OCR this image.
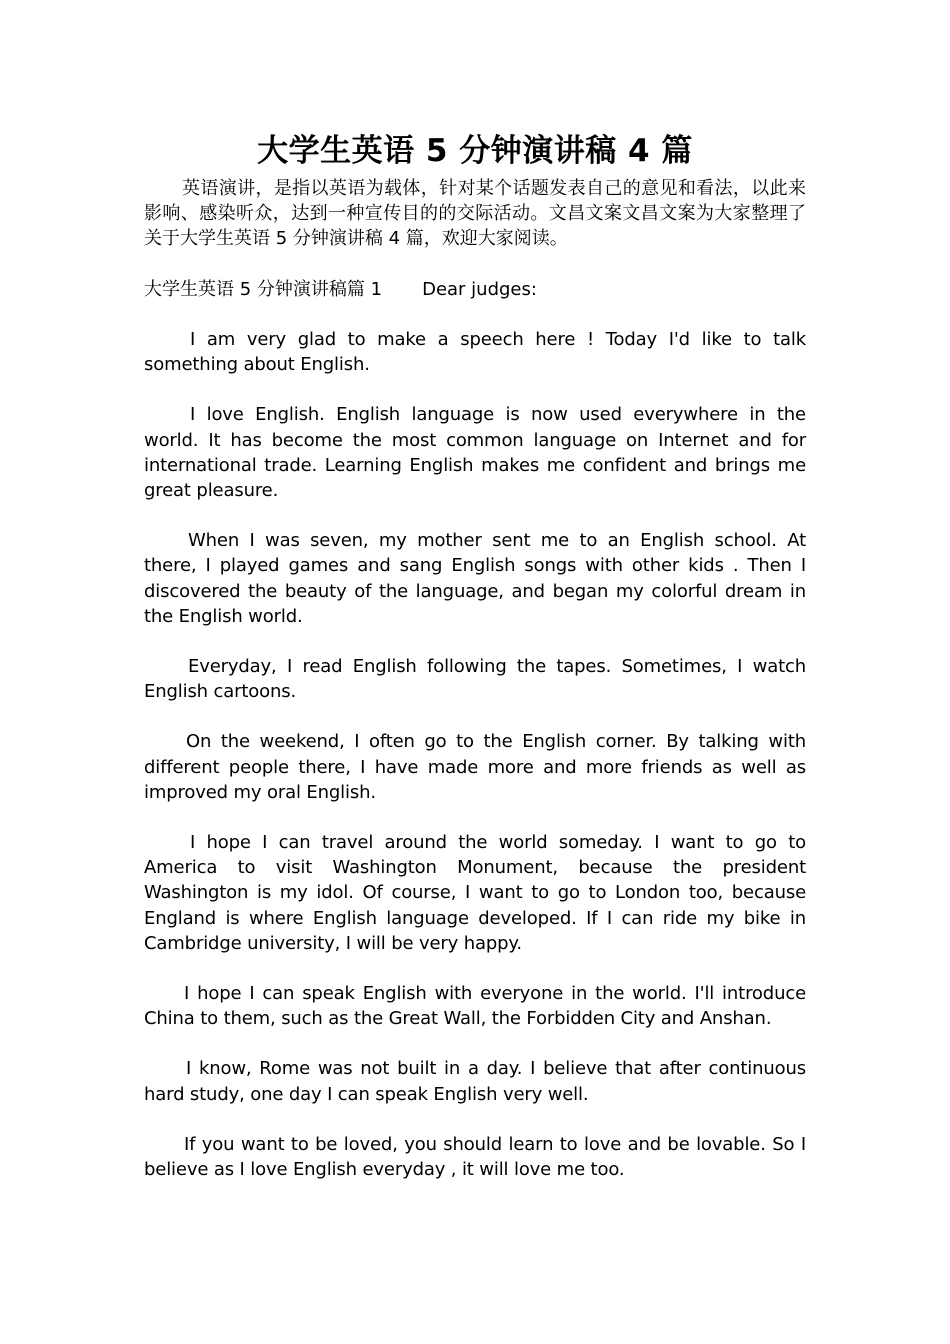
大学生英语 5 分钟演讲稿 4 篇

英语演讲，是指以英语为载体，针对某个话题发表自己的意见和看法，以此来影响、感染听众，达到一种宣传目的的交际活动。文昌文案文昌文案为大家整理了关于大学生英语 5 分钟演讲稿 4 篇，欢迎大家阅读。

大学生英语 5 分钟演讲稿篇 1 Dear judges:

I am very glad to make a speech here ! Today I'd like to talk something about English.

I love English. English language is now used everywhere in the world. It has become the most common language on Internet and for international trade. Learning English makes me confident and brings me great pleasure.

When I was seven, my mother sent me to an English school. At there, I played games and sang English songs with other kids . Then I discovered the beauty of the language, and began my colorful dream in the English world.

Everyday, I read English following the tapes. Sometimes, I watch English cartoons.

On the weekend, I often go to the English corner. By talking with different people there, I have made more and more friends as well as improved my oral English.

I hope I can travel around the world someday. I want to go to America to visit Washington Monument, because the president Washington is my idol. Of course, I want to go to London too, because England is where English language developed. If I can ride my bike in Cambridge university, I will be very happy.

I hope I can speak English with everyone in the world. I'll introduce China to them, such as the Great Wall, the Forbidden City and Anshan.

I know, Rome was not built in a day. I believe that after continuous hard study, one day I can speak English very well.

If you want to be loved, you should learn to love and be lovable. So I believe as I love English everyday , it will love me too.
